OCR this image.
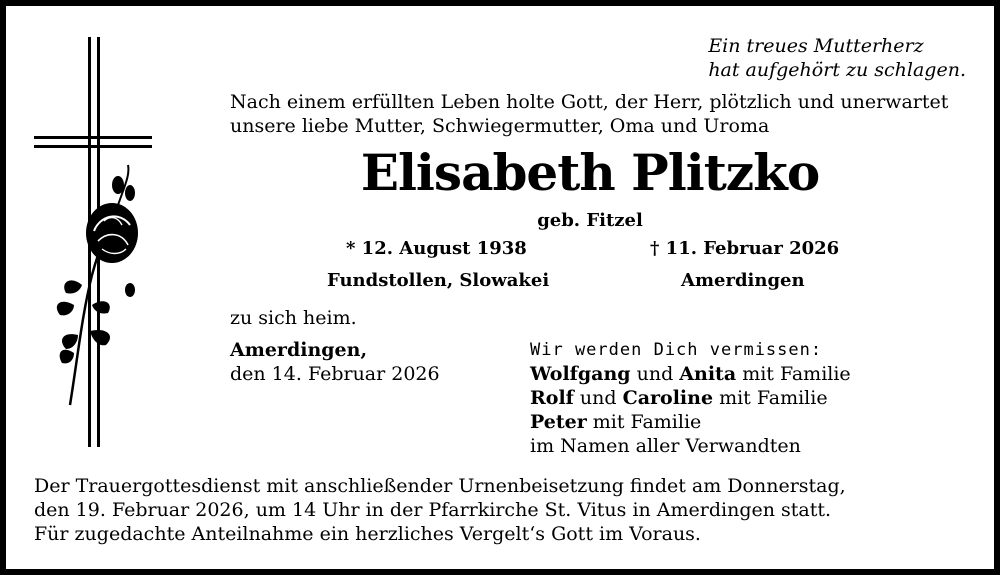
Ein treues Mutterherz
hat aufgehört zu schlagen.
Nach einem erfüllten Leben holte Gott, der Herr, plötzlich und unerwartet
unsere liebe Mutter, Schwiegermutter, Oma und Uroma
Elisabeth Plitzko
geb. Fitzel
* 12. August 1938
Fundstollen, Slowakei
† 11. Februar 2026
Amerdingen
zu sich heim.
Amerdingen,
den 14. Februar 2026
Wir werden Dich vermissen:
Wolfgang und Anita mit Familie
Rolf und Caroline mit Familie
Peter mit Familie
im Namen aller Verwandten
Der Trauergottesdienst mit anschließender Urnenbeisetzung findet am Donnerstag,
den 19. Februar 2026, um 14 Uhr in der Pfarrkirche St. Vitus in Amerdingen statt.
Für zugedachte Anteilnahme ein herzliches Vergelt‘s Gott im Voraus.
